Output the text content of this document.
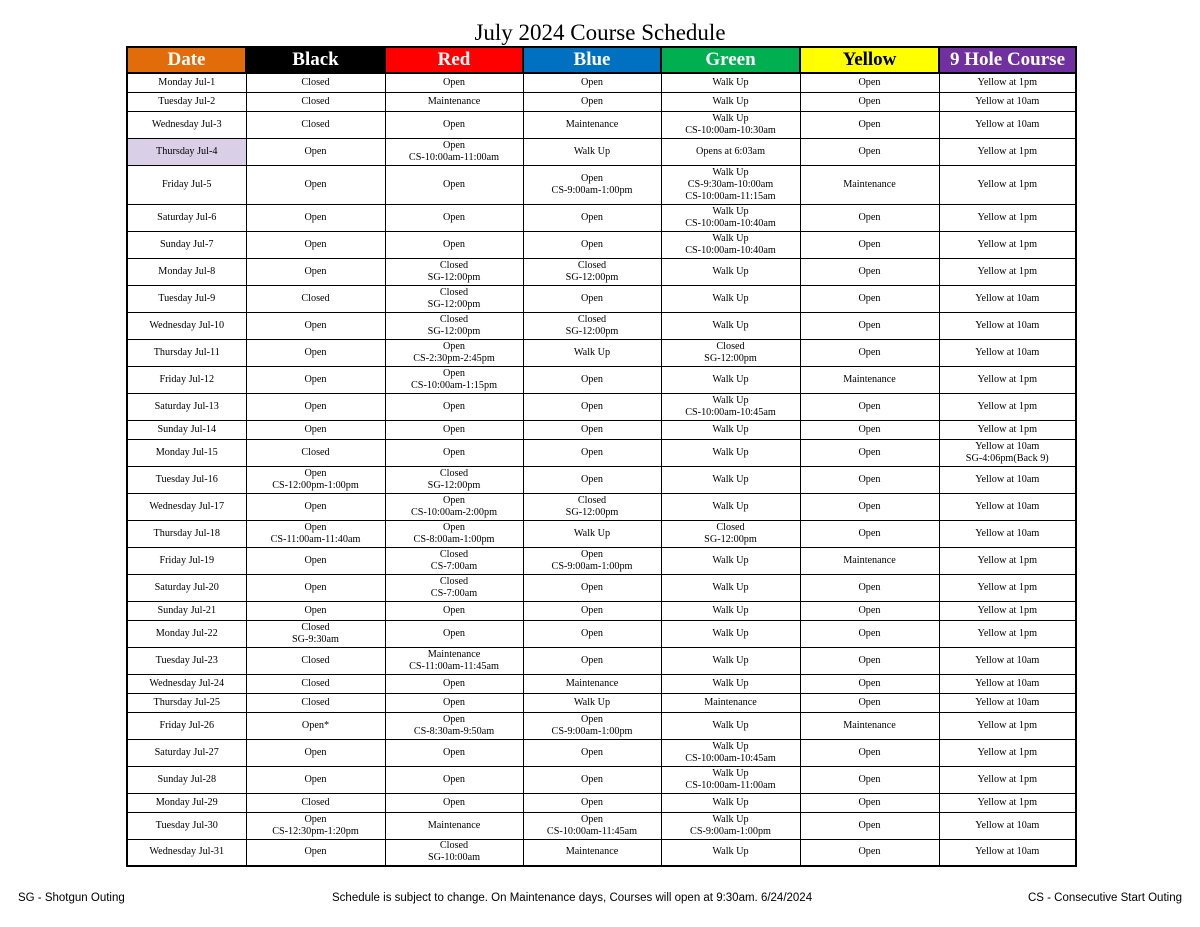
July 2024 Course Schedule
Date	Black	Red	Blue	Green	Yellow	9 Hole Course

Monday Jul-1	Closed	Open	Open	Walk Up	Open	Yellow at 1pm

Tuesday Jul-2	Closed	Maintenance	Open	Walk Up	Open	Yellow at 10am

Wednesday Jul-3	Closed	Open	Maintenance	Walk Up
CS-10:00am-10:30am	Open	Yellow at 10am

Thursday Jul-4	Open	Open
CS-10:00am-11:00am	Walk Up	Opens at 6:03am	Open	Yellow at 1pm

Friday Jul-5	Open	Open	Open
CS-9:00am-1:00pm	Walk Up
CS-9:30am-10:00am
CS-10:00am-11:15am	Maintenance	Yellow at 1pm

Saturday Jul-6	Open	Open	Open	Walk Up
CS-10:00am-10:40am	Open	Yellow at 1pm

Sunday Jul-7	Open	Open	Open	Walk Up
CS-10:00am-10:40am	Open	Yellow at 1pm

Monday Jul-8	Open	Closed
SG-12:00pm	Closed
SG-12:00pm	Walk Up	Open	Yellow at 1pm

Tuesday Jul-9	Closed	Closed
SG-12:00pm	Open	Walk Up	Open	Yellow at 10am

Wednesday Jul-10	Open	Closed
SG-12:00pm	Closed
SG-12:00pm	Walk Up	Open	Yellow at 10am

Thursday Jul-11	Open	Open
CS-2:30pm-2:45pm	Walk Up	Closed
SG-12:00pm	Open	Yellow at 10am

Friday Jul-12	Open	Open
CS-10:00am-1:15pm	Open	Walk Up	Maintenance	Yellow at 1pm

Saturday Jul-13	Open	Open	Open	Walk Up
CS-10:00am-10:45am	Open	Yellow at 1pm

Sunday Jul-14	Open	Open	Open	Walk Up	Open	Yellow at 1pm

Monday Jul-15	Closed	Open	Open	Walk Up	Open	Yellow at 10am
SG-4:06pm(Back 9)

Tuesday Jul-16	Open
CS-12:00pm-1:00pm	Closed
SG-12:00pm	Open	Walk Up	Open	Yellow at 10am

Wednesday Jul-17	Open	Open
CS-10:00am-2:00pm	Closed
SG-12:00pm	Walk Up	Open	Yellow at 10am

Thursday Jul-18	Open
CS-11:00am-11:40am	Open
CS-8:00am-1:00pm	Walk Up	Closed
SG-12:00pm	Open	Yellow at 10am

Friday Jul-19	Open	Closed
CS-7:00am	Open
CS-9:00am-1:00pm	Walk Up	Maintenance	Yellow at 1pm

Saturday Jul-20	Open	Closed
CS-7:00am	Open	Walk Up	Open	Yellow at 1pm

Sunday Jul-21	Open	Open	Open	Walk Up	Open	Yellow at 1pm

Monday Jul-22	Closed
SG-9:30am	Open	Open	Walk Up	Open	Yellow at 1pm

Tuesday Jul-23	Closed	Maintenance
CS-11:00am-11:45am	Open	Walk Up	Open	Yellow at 10am

Wednesday Jul-24	Closed	Open	Maintenance	Walk Up	Open	Yellow at 10am

Thursday Jul-25	Closed	Open	Walk Up	Maintenance	Open	Yellow at 10am

Friday Jul-26	Open*	Open
CS-8:30am-9:50am	Open
CS-9:00am-1:00pm	Walk Up	Maintenance	Yellow at 1pm

Saturday Jul-27	Open	Open	Open	Walk Up
CS-10:00am-10:45am	Open	Yellow at 1pm

Sunday Jul-28	Open	Open	Open	Walk Up
CS-10:00am-11:00am	Open	Yellow at 1pm

Monday Jul-29	Closed	Open	Open	Walk Up	Open	Yellow at 1pm

Tuesday Jul-30	Open
CS-12:30pm-1:20pm	Maintenance	Open
CS-10:00am-11:45am	Walk Up
CS-9:00am-1:00pm	Open	Yellow at 10am

Wednesday Jul-31	Open	Closed
SG-10:00am	Maintenance	Walk Up	Open	Yellow at 10am
SG - Shotgun Outing	Schedule is subject to change. On Maintenance days, Courses will open at 9:30am. 6/24/2024	CS - Consecutive Start Outing
